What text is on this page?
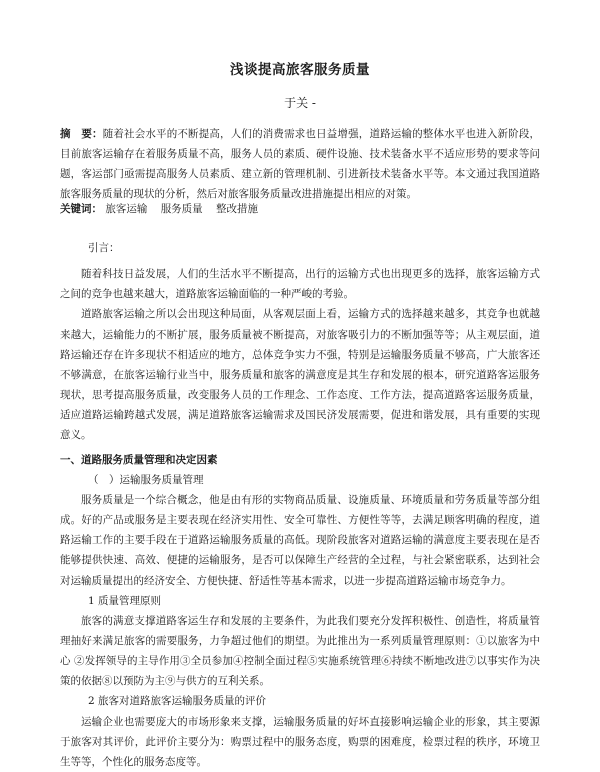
浅谈提高旅客服务质量
于关 -
摘　要：随着社会水平的不断提高，人们的消费需求也日益增强，道路运输的整体水平也进入新阶段，目前旅客运输存在着服务质量不高，服务人员的素质、硬件设施、技术装备水平不适应形势的要求等问题，客运部门亟需提高服务人员素质、建立新的管理机制、引进新技术装备水平等。本文通过我国道路旅客服务质量的现状的分析，然后对旅客服务质量改进措施提出相应的对策。
关键词： 旅客运输 服务质量 整改措施

引言：

随着科技日益发展，人们的生活水平不断提高，出行的运输方式也出现更多的选择，旅客运输方式之间的竞争也越来越大，道路旅客运输面临的一种严峻的考验。

道路旅客运输之所以会出现这种局面，从客观层面上看，运输方式的选择越来越多，其竞争也就越来越大，运输能力的不断扩展，服务质量被不断提高，对旅客吸引力的不断加强等等；从主观层面，道路运输还存在许多现状不相适应的地方，总体竞争实力不强，特别是运输服务质量不够高，广大旅客还不够满意，在旅客运输行业当中，服务质量和旅客的满意度是其生存和发展的根本，研究道路客运服务现状，思考提高服务质量，改变服务人员的工作理念、工作态度、工作方法，提高道路客运服务质量，适应道路运输跨越式发展，满足道路旅客运输需求及国民济发展需要，促进和谐发展，具有重要的实现意义。

一、道路服务质量管理和决定因素

（　）运输服务质量管理

服务质量是一个综合概念，他是由有形的实物商品质量、设施质量、环境质量和劳务质量等部分组成。好的产品或服务是主要表现在经济实用性、安全可靠性、方便性等等，去满足顾客明确的程度，道路运输工作的主要手段在于道路运输服务质量的高低。现阶段旅客对道路运输的满意度主要表现在是否能够提供快速、高效、便捷的运输服务，是否可以保障生产经营的全过程，与社会紧密联系，达到社会对运输质量提出的经济安全、方便快捷、舒适性等基本需求，以进一步提高道路运输市场竞争力。

1 质量管理原则

旅客的满意支撑道路客运生存和发展的主要条件，为此我们要充分发挥积极性、创造性，将质量管理抽好来满足旅客的需要服务，力争超过他们的期望。为此推出为一系列质量管理原则：①以旅客为中心 ②发挥领导的主导作用③全员参加④控制全面过程⑤实施系统管理⑥持续不断地改进⑦以事实作为决策的依据⑧以预防为主⑨与供方的互利关系。

2 旅客对道路旅客运输服务质量的评价

运输企业也需要庞大的市场形象来支撑，运输服务质量的好坏直接影响运输企业的形象，其主要源于旅客对其评价，此评价主要分为：购票过程中的服务态度，购票的困难度，检票过程的秩序，环境卫生等等，个性化的服务态度等。
